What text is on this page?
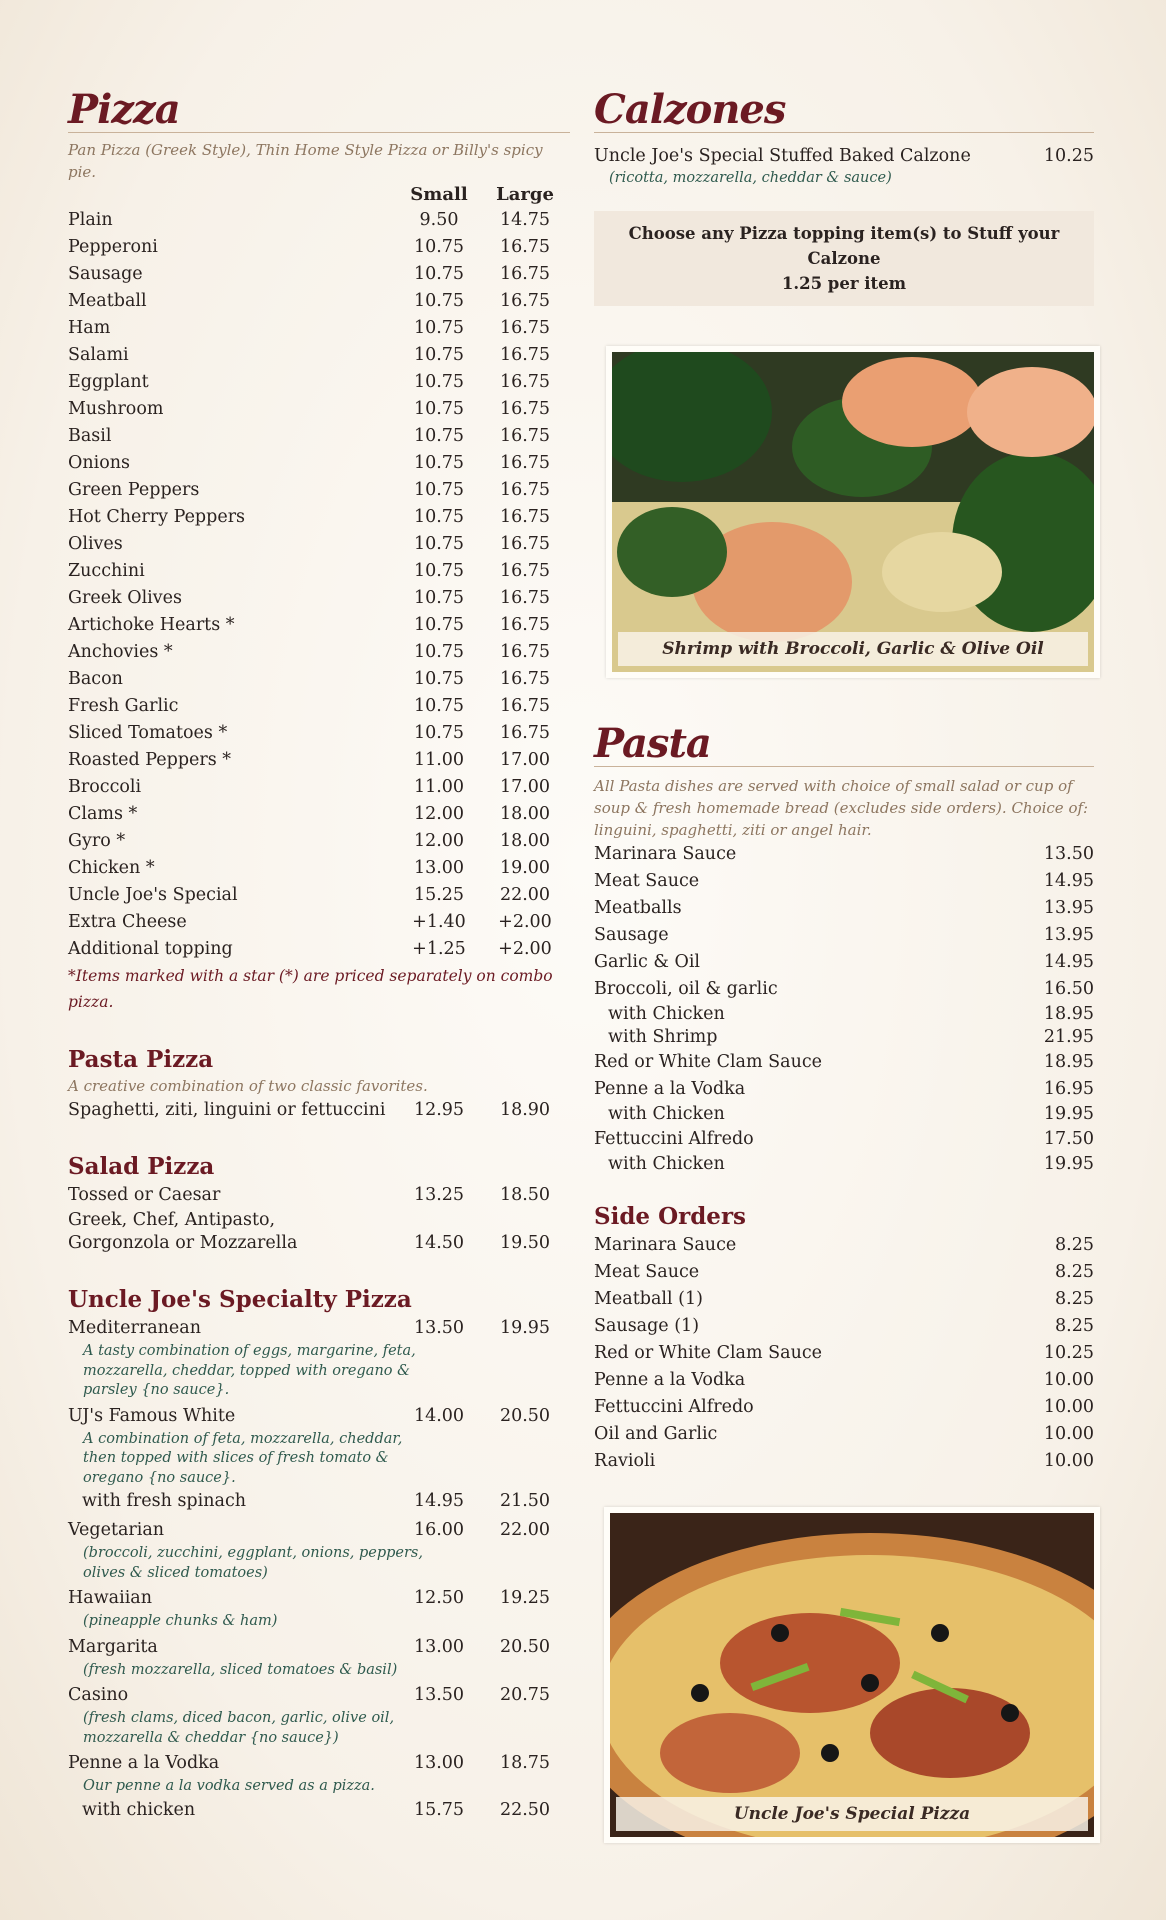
Pizza
Pan Pizza (Greek Style), Thin Home Style Pizza or Billy's spicy pie.
Small	Large
Plain	9.50	14.75
Pepperoni	10.75	16.75
Sausage	10.75	16.75
Meatball	10.75	16.75
Ham	10.75	16.75
Salami	10.75	16.75
Eggplant	10.75	16.75
Mushroom	10.75	16.75
Basil	10.75	16.75
Onions	10.75	16.75
Green Peppers	10.75	16.75
Hot Cherry Peppers	10.75	16.75
Olives	10.75	16.75
Zucchini	10.75	16.75
Greek Olives	10.75	16.75
Artichoke Hearts *	10.75	16.75
Anchovies *	10.75	16.75
Bacon	10.75	16.75
Fresh Garlic	10.75	16.75
Sliced Tomatoes *	10.75	16.75
Roasted Peppers *	11.00	17.00
Broccoli	11.00	17.00
Clams *	12.00	18.00
Gyro *	12.00	18.00
Chicken *	13.00	19.00
Uncle Joe's Special	15.25	22.00
Extra Cheese	+1.40	+2.00
Additional topping	+1.25	+2.00
*Items marked with a star (*) are priced separately on combo pizza.
Pasta Pizza
A creative combination of two classic favorites.
Spaghetti, ziti, linguini or fettuccini	12.95	18.90
Salad Pizza
Tossed or Caesar	13.25	18.50
Greek, Chef, Antipasto,
Gorgonzola or Mozzarella	14.50	19.50
Uncle Joe's Specialty Pizza
Mediterranean	13.50	19.95
A tasty combination of eggs, margarine, feta,
mozzarella, cheddar, topped with oregano &
parsley {no sauce}.
UJ's Famous White	14.00	20.50
A combination of feta, mozzarella, cheddar,
then topped with slices of fresh tomato &
oregano {no sauce}.
with fresh spinach	14.95	21.50
Vegetarian	16.00	22.00
(broccoli, zucchini, eggplant, onions, peppers,
olives & sliced tomatoes)
Hawaiian	12.50	19.25
(pineapple chunks & ham)
Margarita	13.00	20.50
(fresh mozzarella, sliced tomatoes & basil)
Casino	13.50	20.75
(fresh clams, diced bacon, garlic, olive oil,
mozzarella & cheddar {no sauce})
Penne a la Vodka	13.00	18.75
Our penne a la vodka served as a pizza.
with chicken	15.75	22.50
Calzones
Uncle Joe's Special Stuffed Baked Calzone	10.25
(ricotta, mozzarella, cheddar & sauce)
Choose any Pizza topping item(s) to Stuff your Calzone
1.25 per item
Shrimp with Broccoli, Garlic & Olive Oil
Pasta
All Pasta dishes are served with choice of small salad or cup of soup & fresh homemade bread (excludes side orders). Choice of: linguini, spaghetti, ziti or angel hair.
Marinara Sauce	13.50
Meat Sauce	14.95
Meatballs	13.95
Sausage	13.95
Garlic & Oil	14.95
Broccoli, oil & garlic	16.50
with Chicken	18.95
with Shrimp	21.95
Red or White Clam Sauce	18.95
Penne a la Vodka	16.95
with Chicken	19.95
Fettuccini Alfredo	17.50
with Chicken	19.95
Side Orders
Marinara Sauce	8.25
Meat Sauce	8.25
Meatball (1)	8.25
Sausage (1)	8.25
Red or White Clam Sauce	10.25
Penne a la Vodka	10.00
Fettuccini Alfredo	10.00
Oil and Garlic	10.00
Ravioli	10.00
Uncle Joe's Special Pizza
